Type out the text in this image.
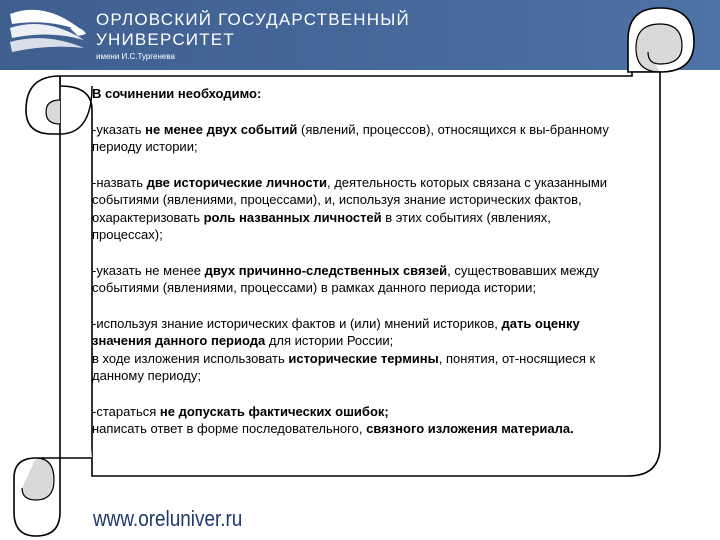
ОРЛОВСКИЙ ГОСУДАРСТВЕННЫЙ
УНИВЕРСИТЕТ
имени И.С.Тургенева

В сочинении необходимо:

-указать не менее двух событий (явлений, процессов), относящихся к вы-бранному периоду истории;

-назвать две исторические личности, деятельность которых связана с указанными событиями (явлениями, процессами), и, используя знание исторических фактов, охарактеризовать роль названных личностей в этих событиях (явлениях, процессах);

-указать не менее двух причинно-следственных связей, существовавших между событиями (явлениями, процессами) в рамках данного периода истории;

-используя знание исторических фактов и (или) мнений историков, дать оценку значения данного периода для истории России;
в ходе изложения использовать исторические термины, понятия, от-носящиеся к данному периоду;

-стараться не допускать фактических ошибок;
написать ответ в форме последовательного, связного изложения материала.

www.oreluniver.ru
